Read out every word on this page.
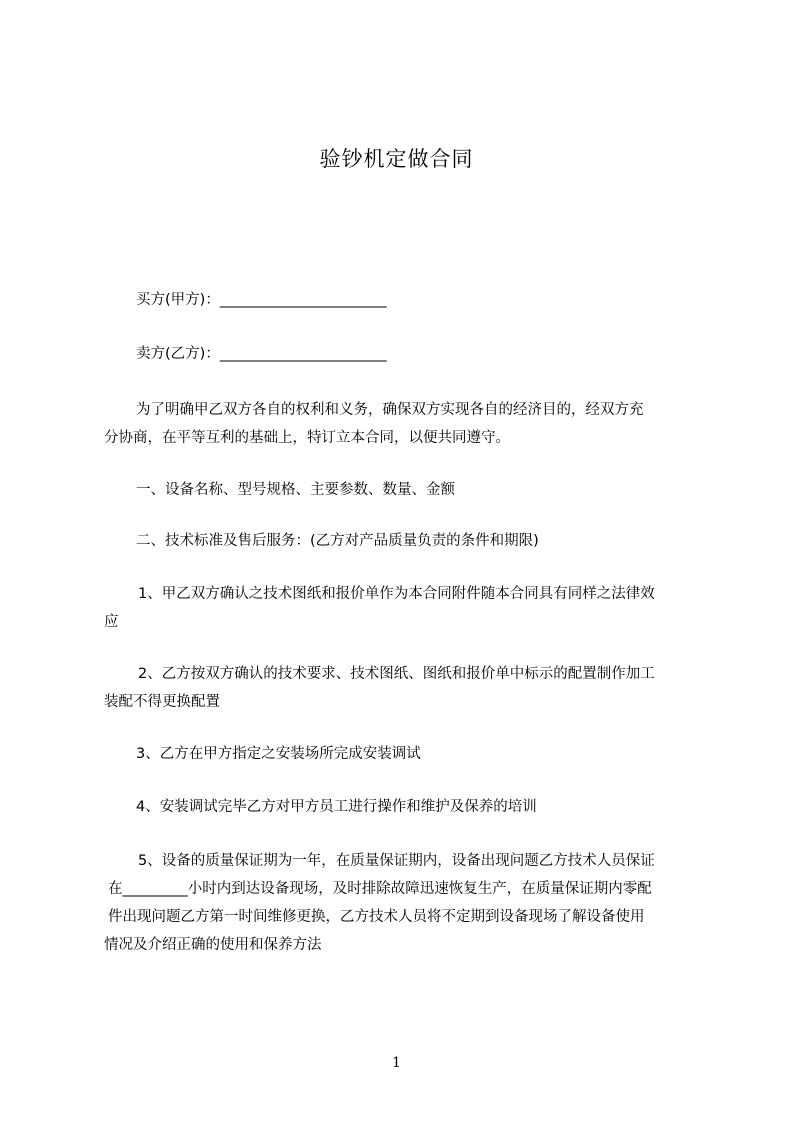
验钞机定做合同
买方(甲方)：_______________________
卖方(乙方)：_______________________
为了明确甲乙双方各自的权利和义务，确保双方实现各自的经济目的，经双方充
分协商，在平等互利的基础上，特订立本合同，以便共同遵守。
一、设备名称、型号规格、主要参数、数量、金额
二、技术标准及售后服务：(乙方对产品质量负责的条件和期限)
1、甲乙双方确认之技术图纸和报价单作为本合同附件随本合同具有同样之法律效
应
2、乙方按双方确认的技术要求、技术图纸、图纸和报价单中标示的配置制作加工
装配不得更换配置
3、乙方在甲方指定之安装场所完成安装调试
4、安装调试完毕乙方对甲方员工进行操作和维护及保养的培训
5、设备的质量保证期为一年，在质量保证期内，设备出现问题乙方技术人员保证
在_________小时内到达设备现场，及时排除故障迅速恢复生产，在质量保证期内零配
件出现问题乙方第一时间维修更换，乙方技术人员将不定期到设备现场了解设备使用
情况及介绍正确的使用和保养方法
1
